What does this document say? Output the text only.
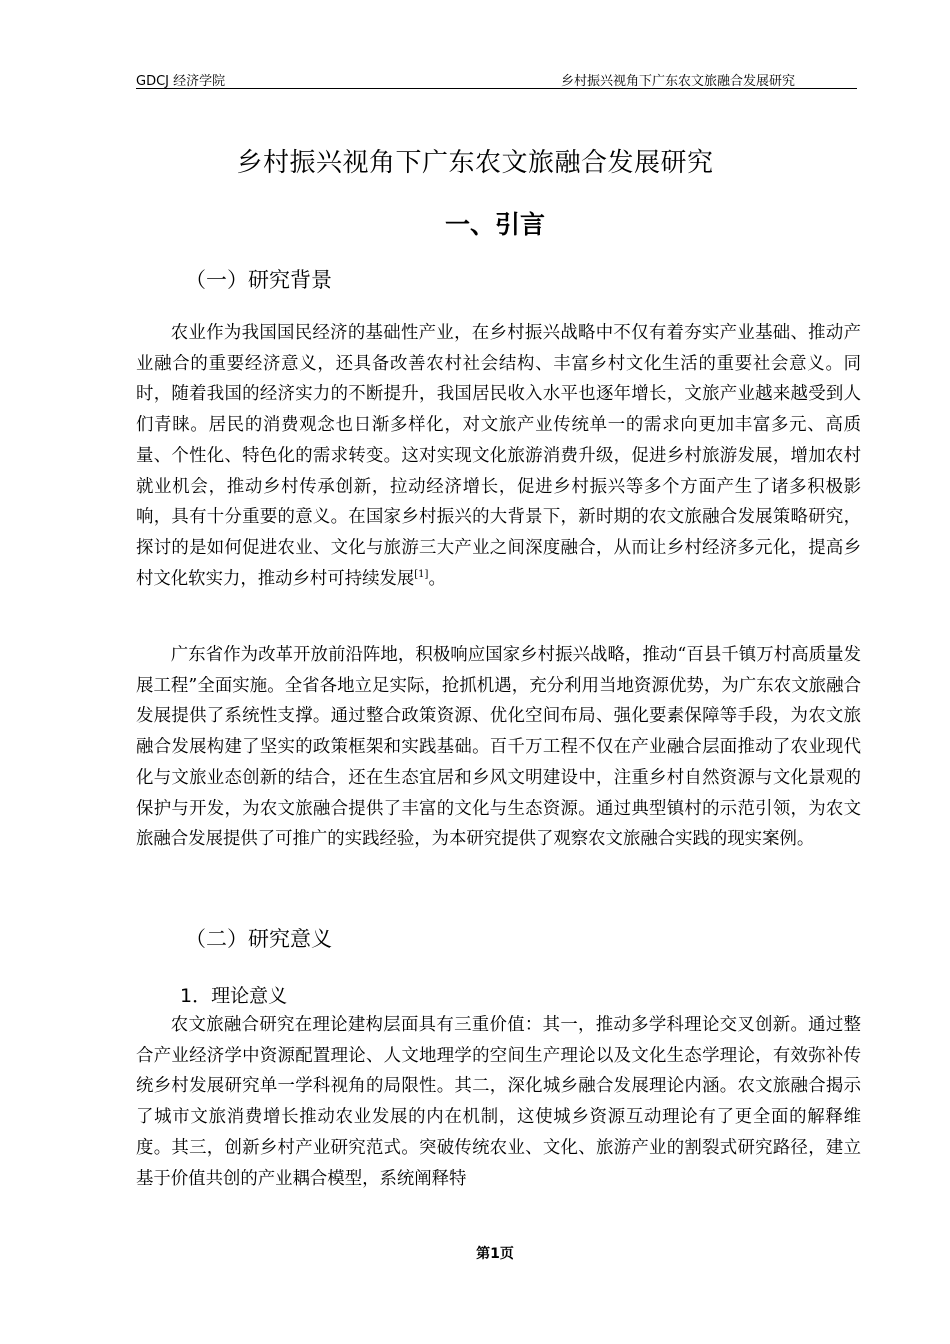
GDCJ 经济学院	乡村振兴视角下广东农文旅融合发展研究
乡村振兴视角下广东农文旅融合发展研究
一、引言
（一）研究背景

农业作为我国国民经济的基础性产业，在乡村振兴战略中不仅有着夯实产业基础、推动产业融合的重要经济意义，还具备改善农村社会结构、丰富乡村文化生活的重要社会意义。同时，随着我国的经济实力的不断提升，我国居民收入水平也逐年增长，文旅产业越来越受到人们青睐。居民的消费观念也日渐多样化，对文旅产业传统单一的需求向更加丰富多元、高质量、个性化、特色化的需求转变。这对实现文化旅游消费升级，促进乡村旅游发展，增加农村就业机会，推动乡村传承创新，拉动经济增长，促进乡村振兴等多个方面产生了诸多积极影响，具有十分重要的意义。在国家乡村振兴的大背景下，新时期的农文旅融合发展策略研究，探讨的是如何促进农业、文化与旅游三大产业之间深度融合，从而让乡村经济多元化，提高乡村文化软实力，推动乡村可持续发展[1]。

广东省作为改革开放前沿阵地，积极响应国家乡村振兴战略，推动“百县千镇万村高质量发展工程”全面实施。全省各地立足实际，抢抓机遇，充分利用当地资源优势，为广东农文旅融合发展提供了系统性支撑。通过整合政策资源、优化空间布局、强化要素保障等手段，为农文旅融合发展构建了坚实的政策框架和实践基础。百千万工程不仅在产业融合层面推动了农业现代化与文旅业态创新的结合，还在生态宜居和乡风文明建设中，注重乡村自然资源与文化景观的保护与开发，为农文旅融合提供了丰富的文化与生态资源。通过典型镇村的示范引领，为农文旅融合发展提供了可推广的实践经验，为本研究提供了观察农文旅融合实践的现实案例。

（二）研究意义
1．理论意义

农文旅融合研究在理论建构层面具有三重价值：其一，推动多学科理论交叉创新。通过整合产业经济学中资源配置理论、人文地理学的空间生产理论以及文化生态学理论，有效弥补传统乡村发展研究单一学科视角的局限性。其二，深化城乡融合发展理论内涵。农文旅融合揭示了城市文旅消费增长推动农业发展的内在机制，这使城乡资源互动理论有了更全面的解释维度。其三，创新乡村产业研究范式。突破传统农业、文化、旅游产业的割裂式研究路径，建立基于价值共创的产业耦合模型，系统阐释特

第1页
